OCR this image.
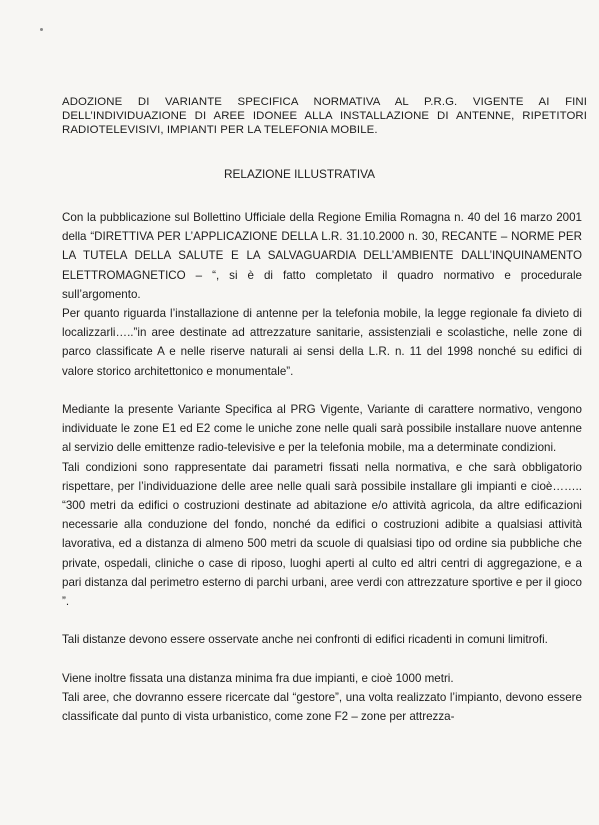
ADOZIONE DI VARIANTE SPECIFICA NORMATIVA AL P.R.G. VIGENTE AI FINI DELL’INDIVIDUAZIONE DI AREE IDONEE ALLA INSTALLAZIONE DI ANTENNE, RIPETITORI RADIOTELEVISIVI, IMPIANTI PER LA TELEFONIA MOBILE.
RELAZIONE ILLUSTRATIVA

Con la pubblicazione sul Bollettino Ufficiale della Regione Emilia Romagna n. 40 del 16 marzo 2001 della “DIRETTIVA PER L’APPLICAZIONE DELLA L.R. 31.10.2000 n. 30, RECANTE – NORME PER LA TUTELA DELLA SALUTE E LA SALVAGUARDIA DELL’AMBIENTE DALL’INQUINAMENTO ELETTROMAGNETICO – “, si è di fatto completato il quadro normativo e procedurale sull’argomento.

Per quanto riguarda l’installazione di antenne per la telefonia mobile, la legge regionale fa divieto di localizzarli…..”in aree destinate ad attrezzature sanitarie, assistenziali e scolastiche, nelle zone di parco classificate A e nelle riserve naturali ai sensi della L.R. n. 11 del 1998 nonché su edifici di valore storico architettonico e monumentale”.

Mediante la presente Variante Specifica al PRG Vigente, Variante di carattere normativo, vengono individuate le zone E1 ed E2 come le uniche zone nelle quali sarà possibile installare nuove antenne al servizio delle emittenze radio-televisive e per la telefonia mobile, ma a determinate condizioni.

Tali condizioni sono rappresentate dai parametri fissati nella normativa, e che sarà obbligatorio rispettare, per l’individuazione delle aree nelle quali sarà possibile installare gli impianti e cioè…….. “300 metri da edifici o costruzioni destinate ad abitazione e/o attività agricola, da altre edificazioni necessarie alla conduzione del fondo, nonché da edifici o costruzioni adibite a qualsiasi attività lavorativa, ed a distanza di almeno 500 metri da scuole di qualsiasi tipo od ordine sia pubbliche che private, ospedali, cliniche o case di riposo, luoghi aperti al culto ed altri centri di aggregazione, e a pari distanza dal perimetro esterno di parchi urbani, aree verdi con attrezzature sportive e per il gioco ”.

Tali distanze devono essere osservate anche nei confronti di edifici ricadenti in comuni limitrofi.

Viene inoltre fissata una distanza minima fra due impianti, e cioè 1000 metri.

Tali aree, che dovranno essere ricercate dal “gestore”, una volta realizzato l’impianto, devono essere classificate dal punto di vista urbanistico, come zone F2 – zone per attrezza-
